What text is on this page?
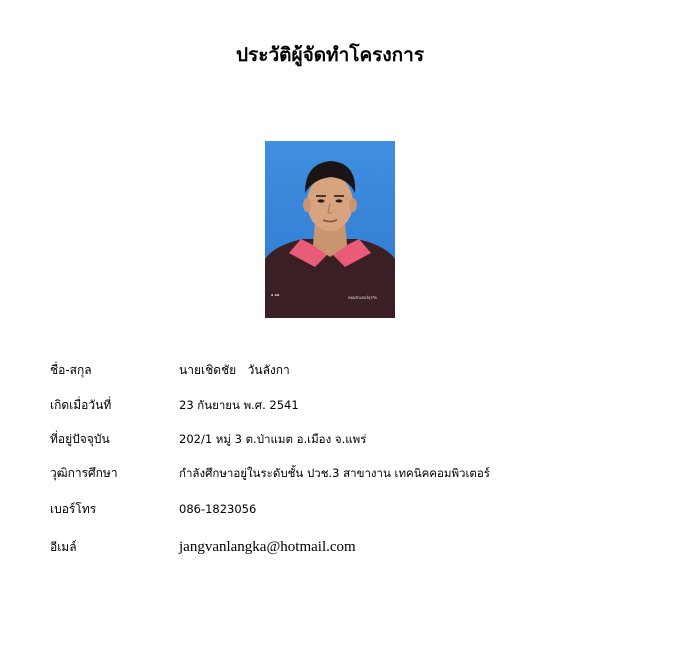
ประวัติผู้จัดทำโครงการ
คอมพิวเตอร์ธุรกิจ
▪ ▪▪
ชื่อ-สกุล	นายเชิดชัย   วันลังกา
เกิดเมื่อวันที่	23 กันยายน พ.ศ. 2541
ที่อยู่ปัจจุบัน	202/1 หมู่ 3 ต.ป่าแมต อ.เมือง จ.แพร่
วุฒิการศึกษา	กำลังศึกษาอยู่ในระดับชั้น ปวช.3 สาขางาน เทคนิคคอมพิวเตอร์
เบอร์โทร	086-1823056
อีเมล์	jangvanlangka@hotmail.com
